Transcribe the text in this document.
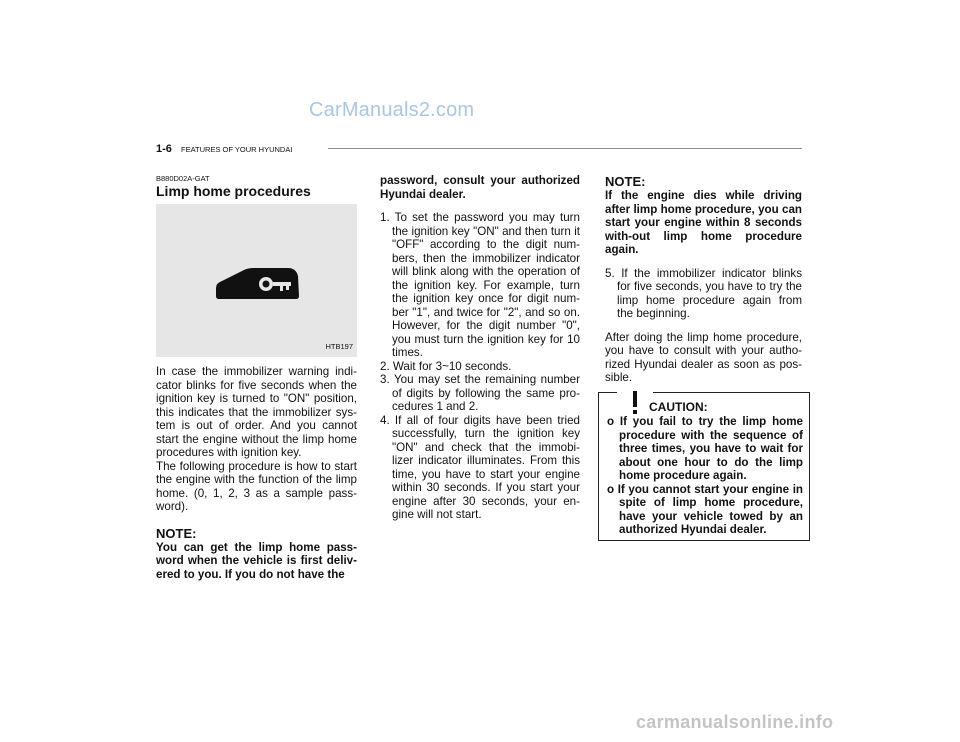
CarManuals2.com
1-6 FEATURES OF YOUR HYUNDAI
B880D02A-GAT
Limp home procedures
HTB197

In case the immobilizer warning indi-cator blinks for five seconds when the ignition key is turned to "ON" position, this indicates that the immobilizer sys-tem is out of order. And you cannot start the engine without the limp home procedures with ignition key.

The following procedure is how to start the engine with the function of the limp home. (0, 1, 2, 3 as a sample pass-word).

NOTE:

You can get the limp home pass-word when the vehicle is first deliv-ered to you. If you do not have the

password, consult your authorized Hyundai dealer.

1. To set the password you may turn the ignition key "ON" and then turn it "OFF" according to the digit num-bers, then the immobilizer indicator will blink along with the operation of the ignition key. For example, turn the ignition key once for digit num-ber "1", and twice for "2", and so on. However, for the digit number "0", you must turn the ignition key for 10 times.
2. Wait for 3~10 seconds.
3. You may set the remaining number of digits by following the same pro-cedures 1 and 2.
4. If all of four digits have been tried successfully, turn the ignition key "ON" and check that the immobi-lizer indicator illuminates. From this time, you have to start your engine within 30 seconds. If you start your engine after 30 seconds, your en-gine will not start.
NOTE:

If the engine dies while driving after limp home procedure, you can start your engine within 8 seconds with-out limp home procedure again.

5. If the immobilizer indicator blinks for five seconds, you have to try the limp home procedure again from the beginning.

After doing the limp home procedure, you have to consult with your autho-rized Hyundai dealer as soon as pos-sible.

CAUTION:
o If you fail to try the limp home procedure with the sequence of three times, you have to wait for about one hour to do the limp home procedure again.
o If you cannot start your engine in spite of limp home procedure, have your vehicle towed by an authorized Hyundai dealer.
carmanualsonline.info
